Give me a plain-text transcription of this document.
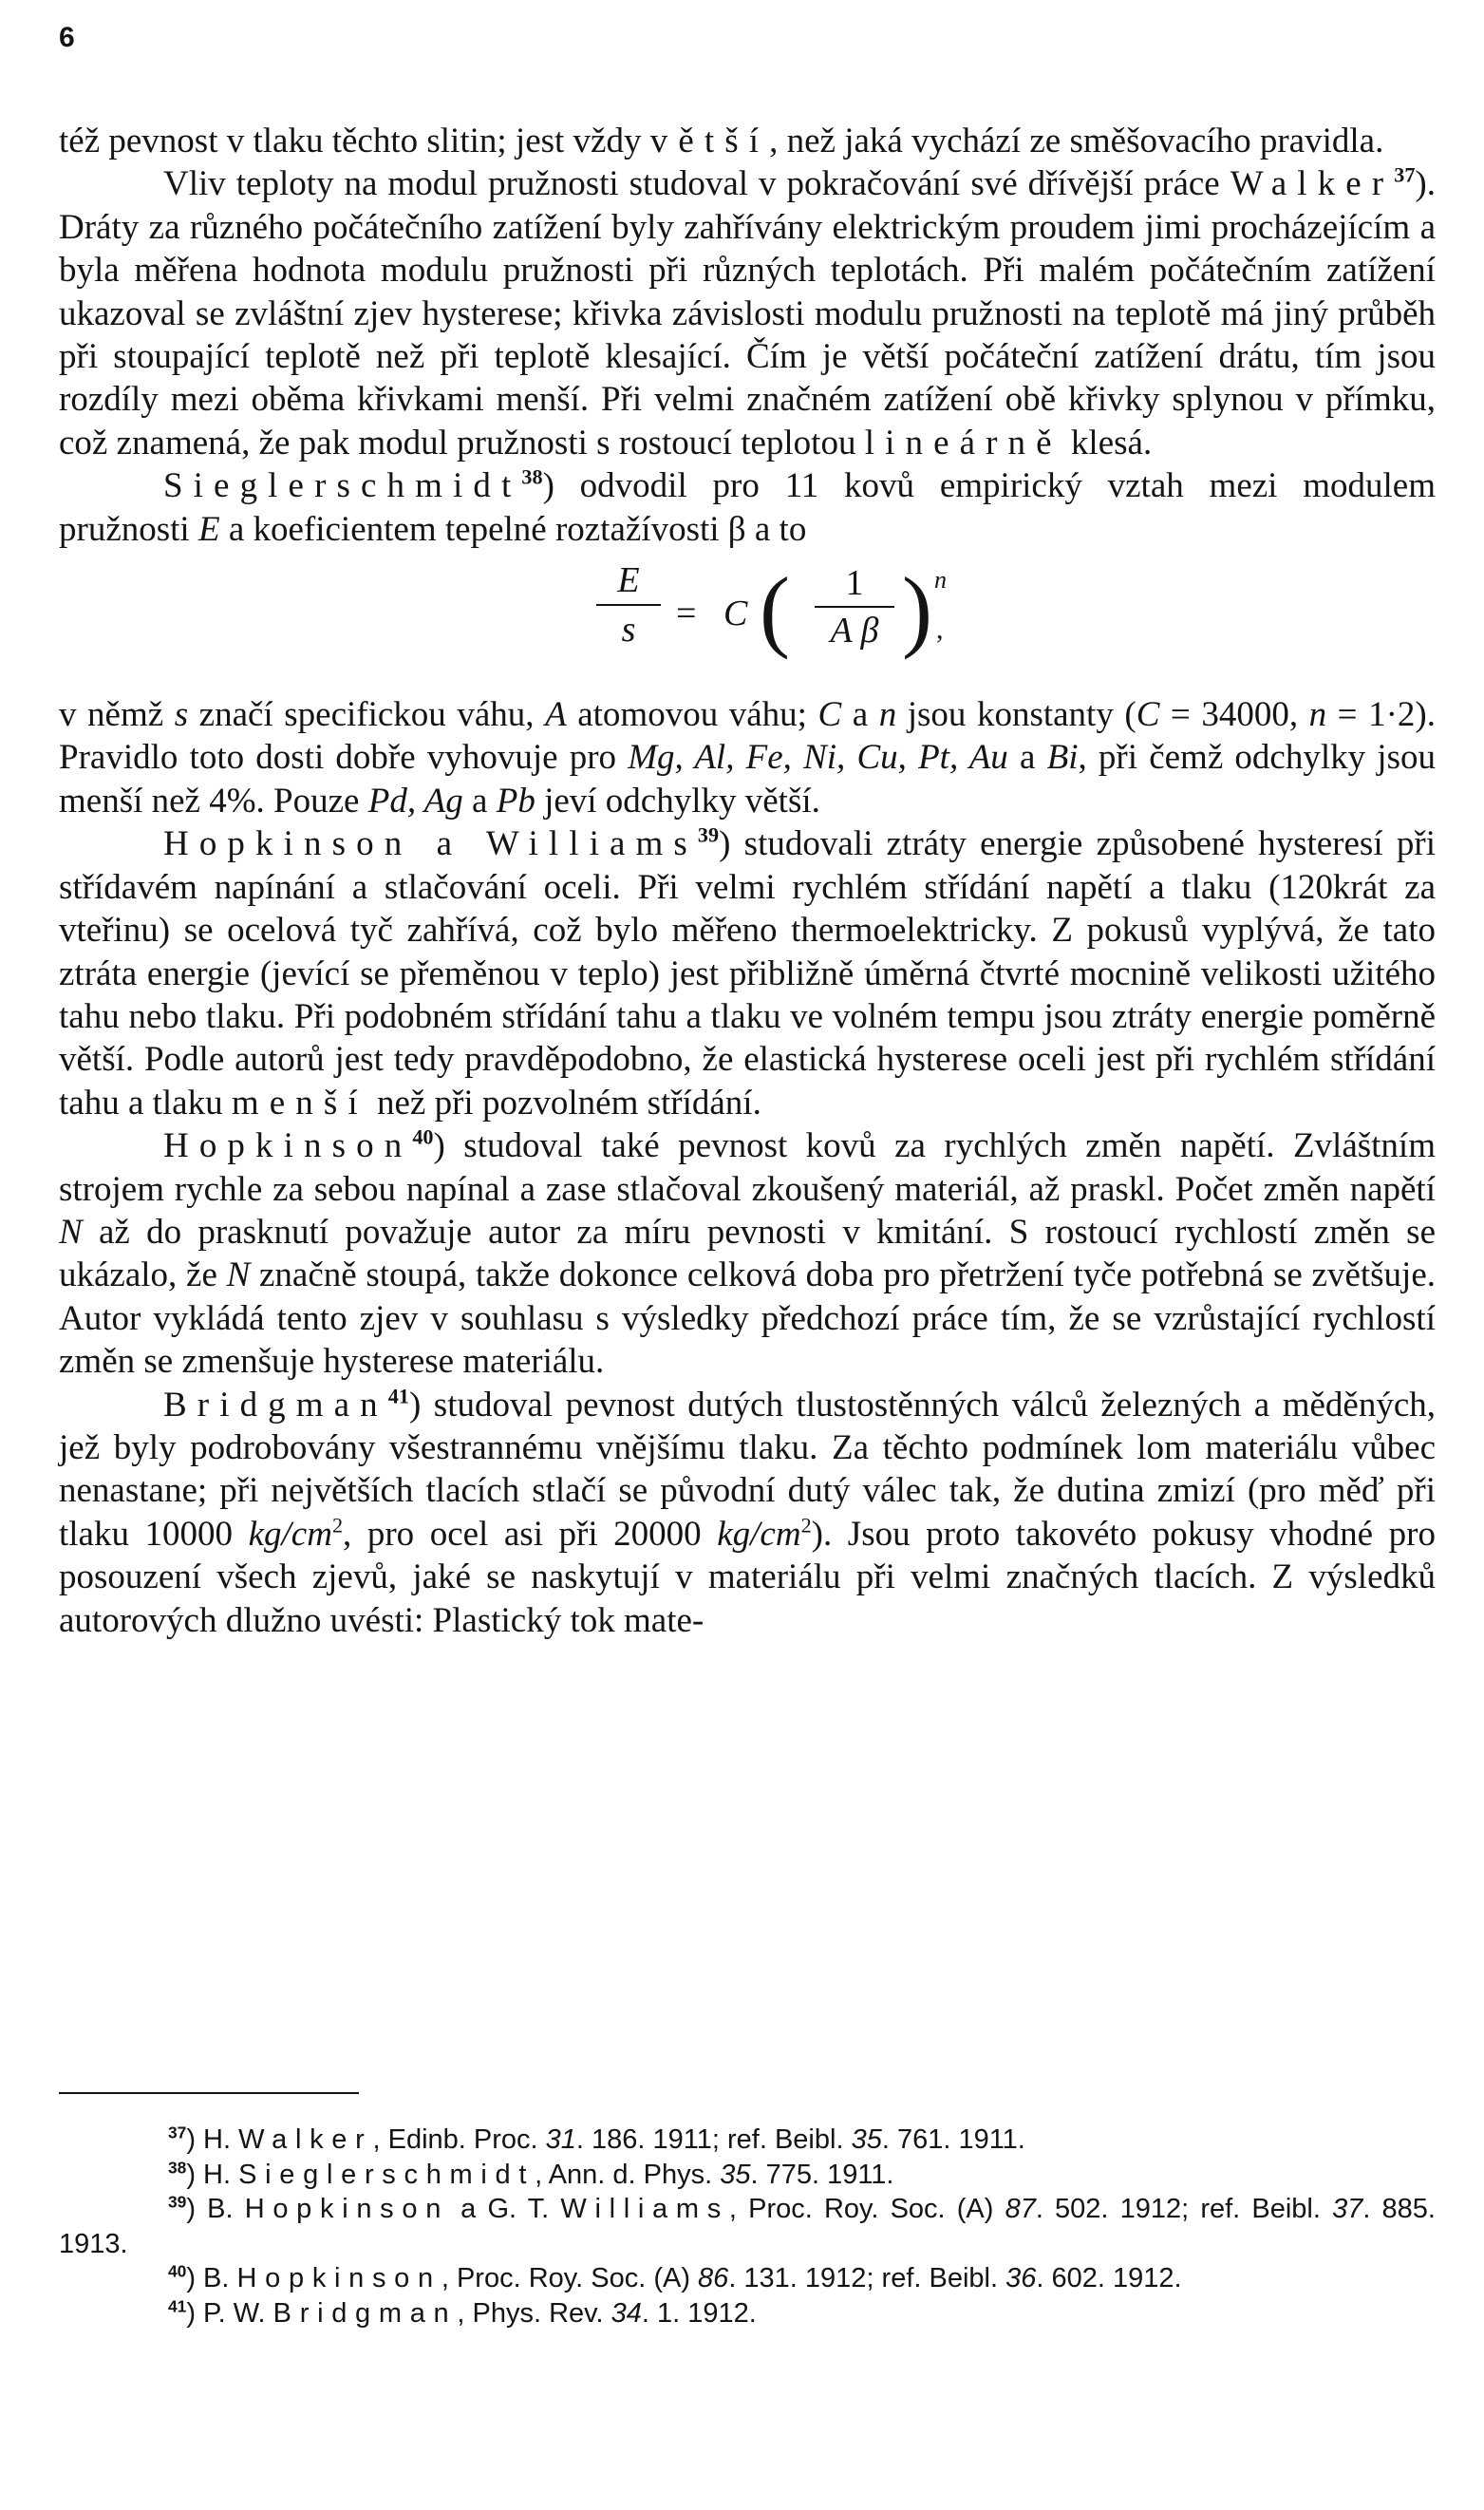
6

též pevnost v tlaku těchto slitin; jest vždy větší, než jaká vychází ze směšovacího pravidla.

Vliv teploty na modul pružnosti studoval v pokračování své dřívější práce Walker$^{37}$). Dráty za různého počátečního zatížení byly zahřívány elektrickým proudem jimi procházejícím a byla měřena hodnota modulu pružnosti při různých teplotách. Při malém počátečním zatížení ukazoval se zvláštní zjev hysterese; křivka závislosti modulu pružnosti na teplotě má jiný průběh při stoupající teplotě než při teplotě klesající. Čím je větší počáteční zatížení drátu, tím jsou rozdíly mezi oběma křivkami menší. Při velmi značném zatížení obě křivky splynou v přímku, což znamená, že pak modul pružnosti s rostoucí teplotou lineárně klesá.

Sieglerschmidt$^{38}$) odvodil pro 11 kovů empirický vztah mezi modulem pružnosti E a koeficientem tepelné roztažívosti β a to

E
s	= C (	1
A β ) n
,

v němž s značí specifickou váhu, A atomovou váhu; C a n jsou konstanty (C = 34000, n = 1·2). Pravidlo toto dosti dobře vyhovuje pro Mg, Al, Fe, Ni, Cu, Pt, Au a Bi, při čemž odchylky jsou menší než 4%. Pouze Pd, Ag a Pb jeví odchylky větší.

Hopkinson a Williams$^{39}$) studovali ztráty energie způsobené hysteresí při střídavém napínání a stlačování oceli. Při velmi rychlém střídání napětí a tlaku (120krát za vteřinu) se ocelová tyč zahřívá, což bylo měřeno thermoelektricky. Z pokusů vyplývá, že tato ztráta energie (jevící se přeměnou v teplo) jest přibližně úměrná čtvrté mocnině velikosti užitého tahu nebo tlaku. Při podobném střídání tahu a tlaku ve volném tempu jsou ztráty energie poměrně větší. Podle autorů jest tedy pravděpodobno, že elastická hysterese oceli jest při rychlém střídání tahu a tlaku menší než při pozvolném střídání.

Hopkinson$^{40}$) studoval také pevnost kovů za rychlých změn napětí. Zvláštním strojem rychle za sebou napínal a zase stlačoval zkoušený materiál, až praskl. Počet změn napětí N až do prasknutí považuje autor za míru pevnosti v kmitání. S rostoucí rychlostí změn se ukázalo, že N značně stoupá, takže dokonce celková doba pro přetržení tyče potřebná se zvětšuje. Autor vykládá tento zjev v souhlasu s výsledky předchozí práce tím, že se vzrůstající rychlostí změn se zmenšuje hysterese materiálu.

Bridgman$^{41}$) studoval pevnost dutých tlustostěnných válců železných a měděných, jež byly podrobovány všestrannému vnějšímu tlaku. Za těchto podmínek lom materiálu vůbec nenastane; při největších tlacích stlačí se původní dutý válec tak, že dutina zmizí (pro měď při tlaku 10000 $kg/cm^2$, pro ocel asi při 20000 $kg/cm^2$). Jsou proto takovéto pokusy vhodné pro posouzení všech zjevů, jaké se naskytují v materiálu při velmi značných tlacích. Z výsledků autorových dlužno uvésti: Plastický tok mate-

$^{37}$) H. Walker, Edinb. Proc. 31. 186. 1911; ref. Beibl. 35. 761. 1911.

$^{38}$) H. Sieglerschmidt, Ann. d. Phys. 35. 775. 1911.

$^{39}$) B. Hopkinson a G. T. Williams, Proc. Roy. Soc. (A) 87. 502. 1912; ref. Beibl. 37. 885. 1913.

$^{40}$) B. Hopkinson, Proc. Roy. Soc. (A) 86. 131. 1912; ref. Beibl. 36. 602. 1912.

$^{41}$) P. W. Bridgman, Phys. Rev. 34. 1. 1912.
